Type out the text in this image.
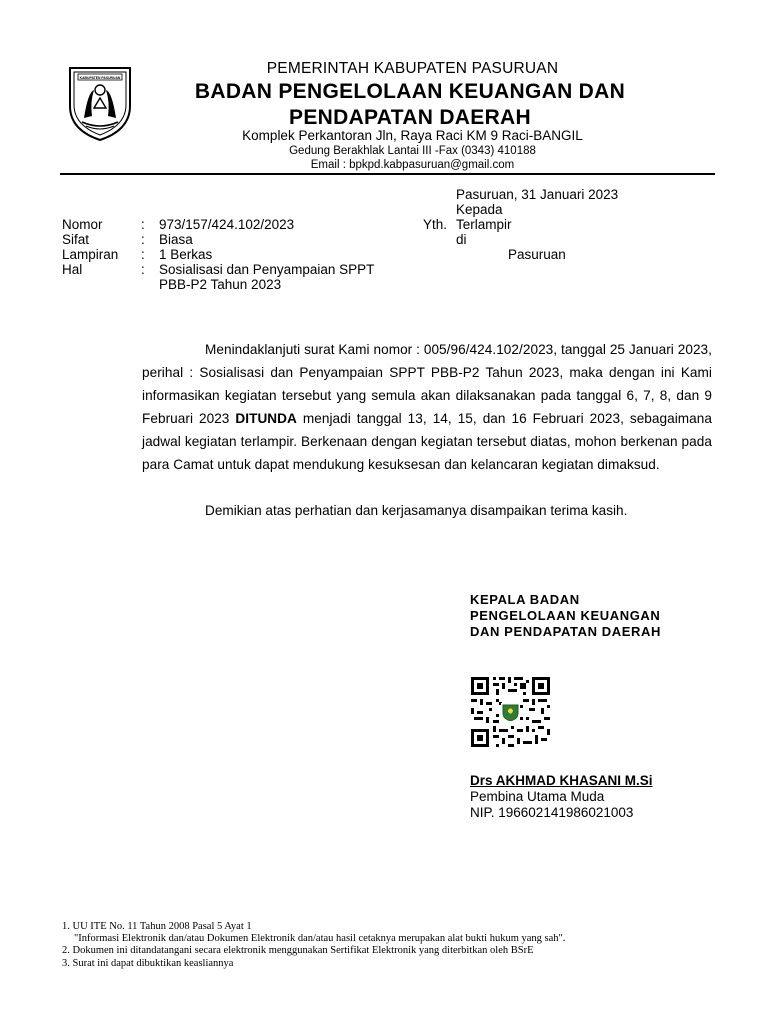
KABUPATEN PASURUAN
PEMERINTAH KABUPATEN PASURUAN
BADAN PENGELOLAAN KEUANGAN DAN
PENDAPATAN DAERAH
Komplek Perkantoran Jln, Raya Raci KM 9 Raci-BANGIL
Gedung Berakhlak Lantai III -Fax (0343) 410188
Email : bpkpd.kabpasuruan@gmail.com
Pasuruan, 31 Januari 2023
Kepada
Yth. Terlampir
di
Pasuruan
Nomor	: 973/157/424.102/2023
Sifat	: Biasa
Lampiran : 1 Berkas
Hal	: Sosialisasi dan Penyampaian SPPT
PBB-P2 Tahun 2023

Menindaklanjuti surat Kami nomor : 005/96/424.102/2023, tanggal 25 Januari 2023, perihal : Sosialisasi dan Penyampaian SPPT PBB-P2 Tahun 2023, maka dengan ini Kami informasikan kegiatan tersebut yang semula akan dilaksanakan pada tanggal 6, 7, 8, dan 9 Februari 2023 DITUNDA menjadi tanggal 13, 14, 15, dan 16 Februari 2023, sebagaimana jadwal kegiatan terlampir. Berkenaan dengan kegiatan tersebut diatas, mohon berkenan pada para Camat untuk dapat mendukung kesuksesan dan kelancaran kegiatan dimaksud.

Demikian atas perhatian dan kerjasamanya disampaikan terima kasih.
KEPALA BADAN
PENGELOLAAN KEUANGAN
DAN PENDAPATAN DAERAH
Drs AKHMAD KHASANI M.Si
Pembina Utama Muda
NIP. 196602141986021003
1. UU ITE No. 11 Tahun 2008 Pasal 5 Ayat 1
"Informasi Elektronik dan/atau Dokumen Elektronik dan/atau hasil cetaknya merupakan alat bukti hukum yang sah".
2. Dokumen ini ditandatangani secara elektronik menggunakan Sertifikat Elektronik yang diterbitkan oleh BSrE
3. Surat ini dapat dibuktikan keasliannya
